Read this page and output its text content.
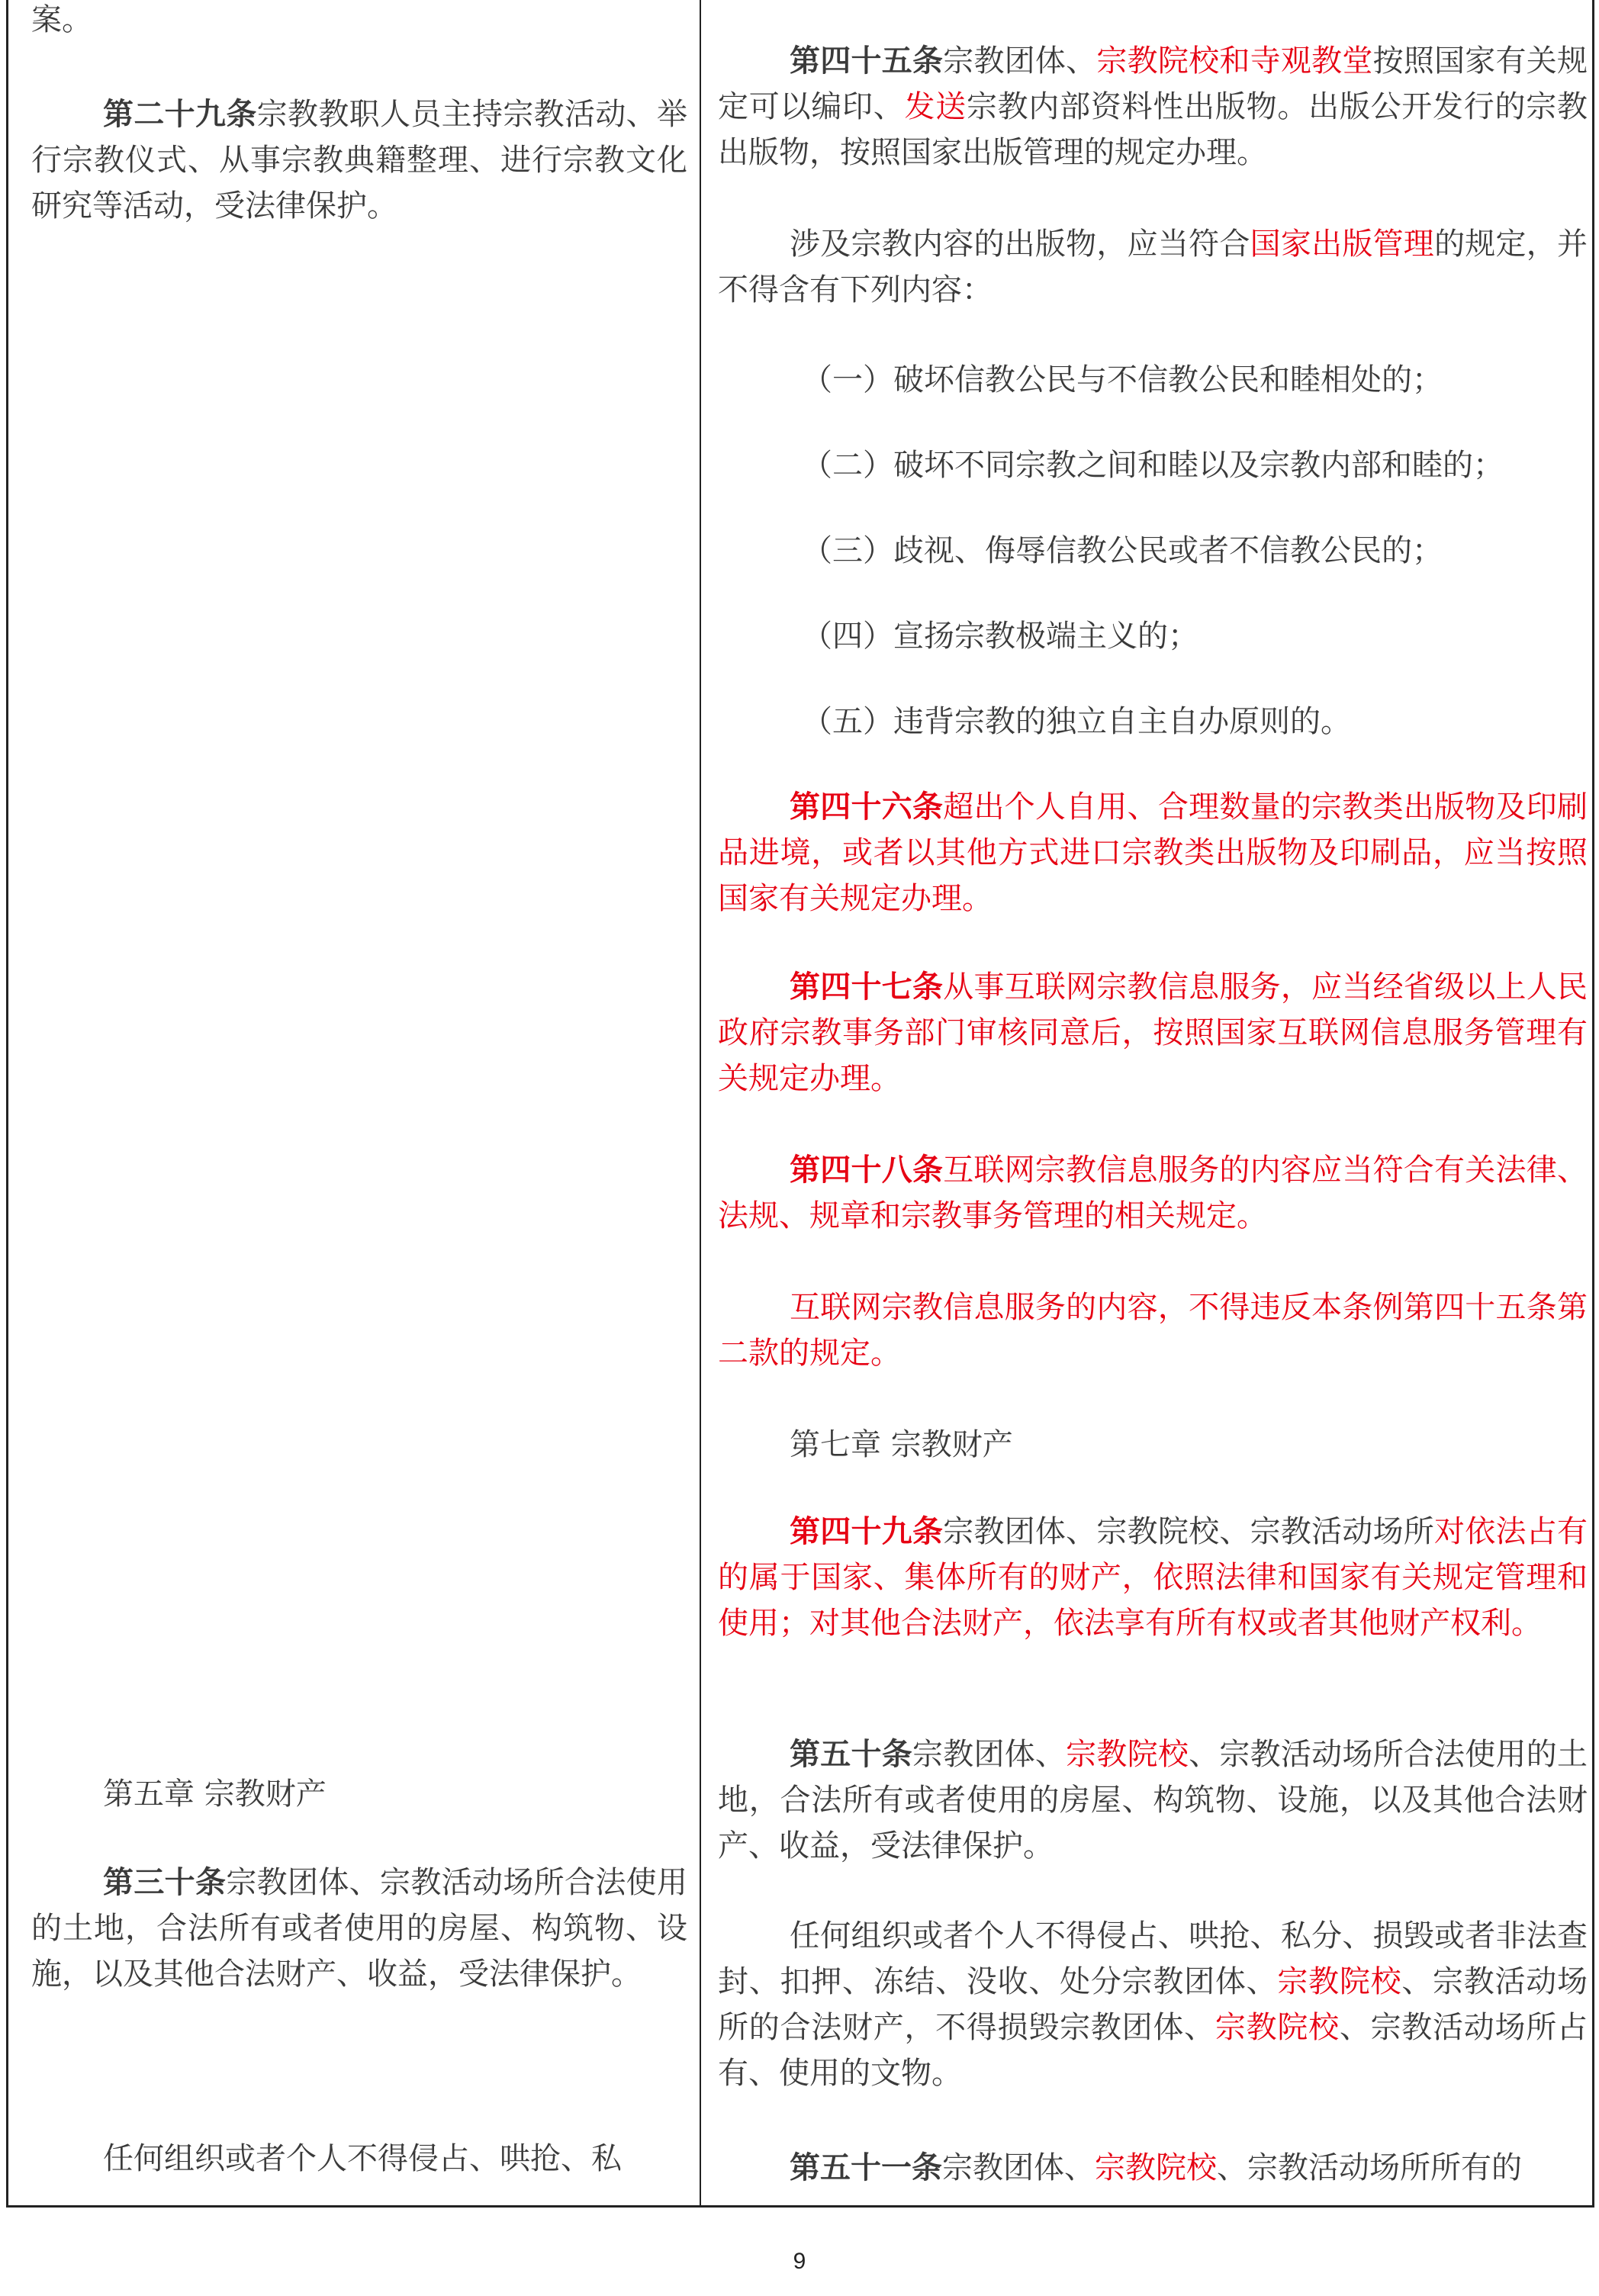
案。

第二十九条宗教教职人员主持宗教活动、举行宗教仪式、从事宗教典籍整理、进行宗教文化研究等活动，受法律保护。

第五章 宗教财产

第三十条宗教团体、宗教活动场所合法使用的土地，合法所有或者使用的房屋、构筑物、设施，以及其他合法财产、收益，受法律保护。

任何组织或者个人不得侵占、哄抢、私

第四十五条宗教团体、宗教院校和寺观教堂按照国家有关规定可以编印、发送宗教内部资料性出版物。出版公开发行的宗教出版物，按照国家出版管理的规定办理。

涉及宗教内容的出版物，应当符合国家出版管理的规定，并不得含有下列内容：

（一）破坏信教公民与不信教公民和睦相处的；

（二）破坏不同宗教之间和睦以及宗教内部和睦的；

（三）歧视、侮辱信教公民或者不信教公民的；

（四）宣扬宗教极端主义的；

（五）违背宗教的独立自主自办原则的。

第四十六条超出个人自用、合理数量的宗教类出版物及印刷品进境，或者以其他方式进口宗教类出版物及印刷品，应当按照国家有关规定办理。

第四十七条从事互联网宗教信息服务，应当经省级以上人民政府宗教事务部门审核同意后，按照国家互联网信息服务管理有关规定办理。

第四十八条互联网宗教信息服务的内容应当符合有关法律、法规、规章和宗教事务管理的相关规定。

互联网宗教信息服务的内容，不得违反本条例第四十五条第二款的规定。

第七章 宗教财产

第四十九条宗教团体、宗教院校、宗教活动场所对依法占有的属于国家、集体所有的财产，依照法律和国家有关规定管理和使用；对其他合法财产，依法享有所有权或者其他财产权利。

第五十条宗教团体、宗教院校、宗教活动场所合法使用的土地，合法所有或者使用的房屋、构筑物、设施，以及其他合法财产、收益，受法律保护。

任何组织或者个人不得侵占、哄抢、私分、损毁或者非法查封、扣押、冻结、没收、处分宗教团体、宗教院校、宗教活动场所的合法财产，不得损毁宗教团体、宗教院校、宗教活动场所占有、使用的文物。

第五十一条宗教团体、宗教院校、宗教活动场所所有的

9
